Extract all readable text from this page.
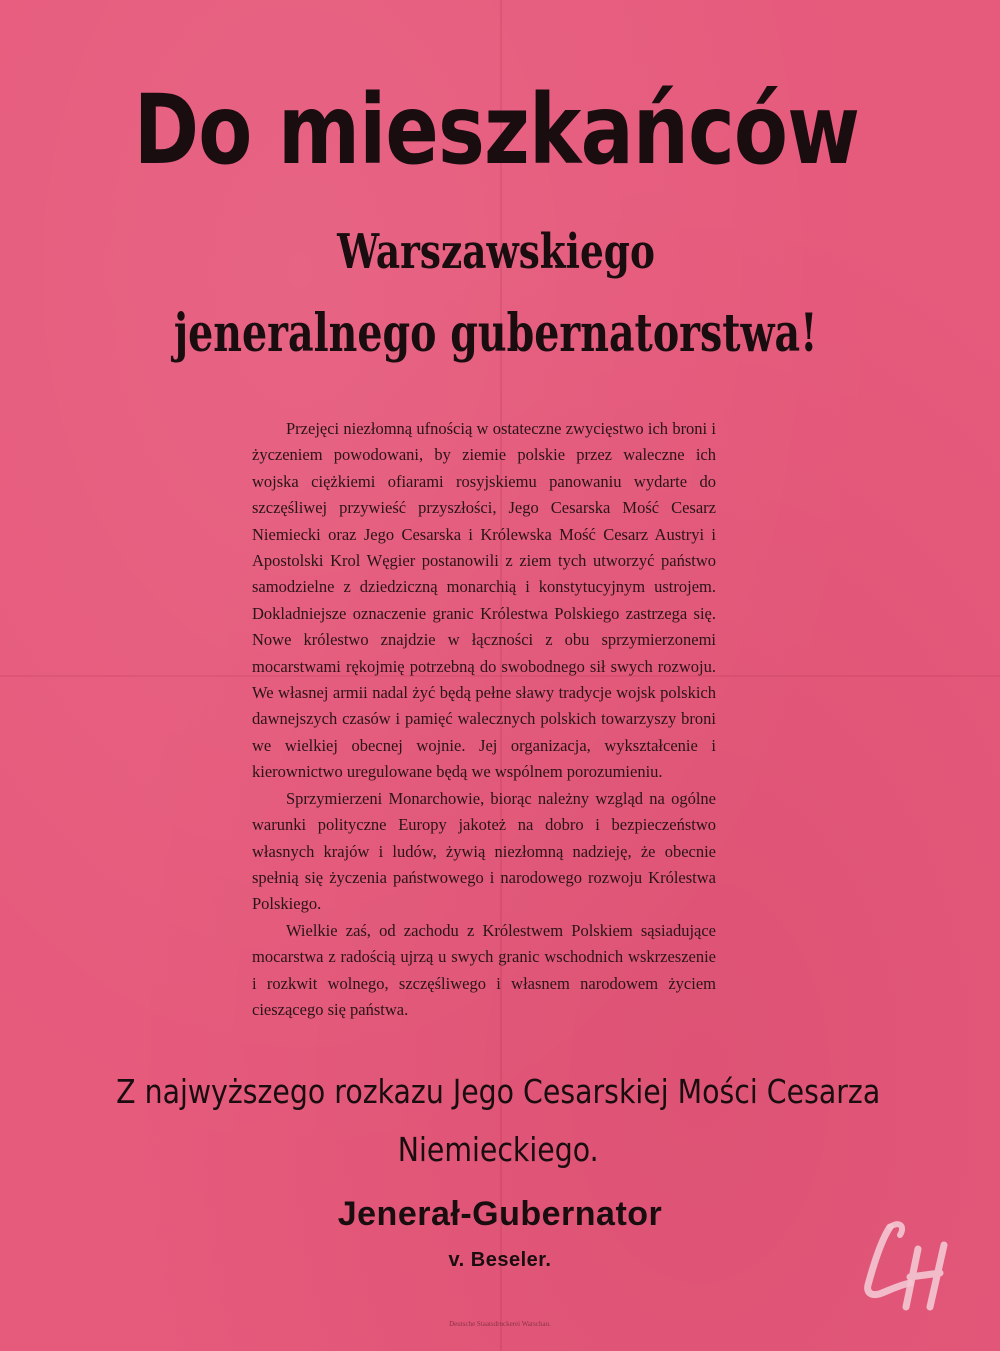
Do mieszkańców
Warszawskiego
jeneralnego gubernatorstwa!

Przejęci niezłomną ufnością w ostateczne zwycięstwo ich broni i życzeniem powodowani, by ziemie polskie przez waleczne ich wojska ciężkiemi ofiarami rosyjskiemu panowaniu wydarte do szczęśliwej przywieść przyszłości, Jego Cesarska Mość Cesarz Niemiecki oraz Jego Cesarska i Królewska Mość Cesarz Austryi i Apostolski Krol Węgier postanowili z ziem tych utworzyć państwo samodzielne z dziedziczną monarchią i konstytucyjnym ustrojem. Dokladniejsze oznaczenie granic Królestwa Polskiego zastrzega się. Nowe królestwo znajdzie w łączności z obu sprzymierzonemi mocarstwami rękojmię potrzebną do swobodnego sił swych rozwoju. We własnej armii nadal żyć będą pełne sławy tradycje wojsk polskich dawnejszych czasów i pamięć walecznych polskich towarzyszy broni we wielkiej obecnej wojnie. Jej organizacja, wykształcenie i kierownictwo uregulowane będą we wspólnem porozumieniu.

Sprzymierzeni Monarchowie, biorąc należny wzgląd na ogólne warunki polityczne Europy jakoteż na dobro i bezpieczeństwo własnych krajów i ludów, żywią niezłomną nadzieję, że obecnie spełnią się życzenia państwowego i narodowego rozwoju Królestwa Polskiego.

Wielkie zaś, od zachodu z Królestwem Polskiem sąsiadujące mocarstwa z radością ujrzą u swych granic wschodnich wskrzeszenie i rozkwit wolnego, szczęśliwego i własnem narodowem życiem cieszącego się państwa.

Z najwyższego rozkazu Jego Cesarskiej Mości Cesarza
Niemieckiego.
Jenerał-Gubernator
v. Beseler.
Deutsche Staatsdruckerei Warschau.
